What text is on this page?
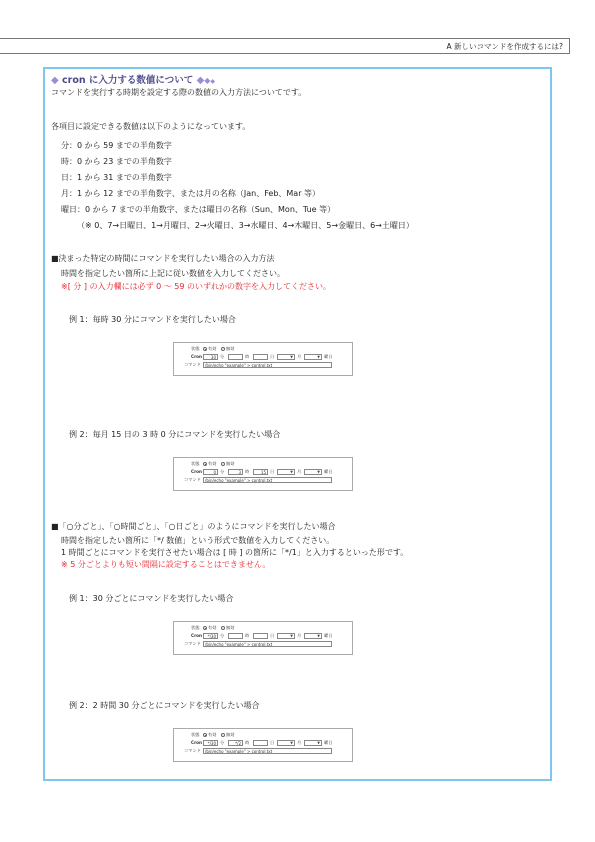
A 新しいコマンドを作成するには?
◆ cron に入力する数値について ◆◆◆
コマンドを実行する時期を設定する際の数値の入力方法についてです。
各項目に設定できる数値は以下のようになっています。
分：0 から 59 までの半角数字
時：0 から 23 までの半角数字
日：1 から 31 までの半角数字
月：1 から 12 までの半角数字、または月の名称（Jan、Feb、Mar 等）
曜日：0 から 7 までの半角数字、または曜日の名称（Sun、Mon、Tue 等）
（※ 0、7→日曜日、1→月曜日、2→火曜日、3→水曜日、4→木曜日、5→金曜日、6→土曜日）
■決まった特定の時間にコマンドを実行したい場合の入力方法
時間を指定したい箇所に上記に従い数値を入力してください。
※[ 分 ] の入力欄には必ず 0 ～ 59 のいずれかの数字を入力してください。
例 1：毎時 30 分にコマンドを実行したい場合
状態	有効	無効
Cron	30 分	時	日	▼ 月	▼ 曜日
コマンド	/bin/echo "example" > control.txt
例 2：毎月 15 日の 3 時 0 分にコマンドを実行したい場合
状態	有効	無効
Cron	0 分	3 時	15 日	▼ 月	▼ 曜日
コマンド	/bin/echo "example" > control.txt
■「○分ごと」、「○時間ごと」、「○日ごと」のようにコマンドを実行したい場合
時間を指定したい箇所に「*/ 数値」という形式で数値を入力してください。
1 時間ごとにコマンドを実行させたい場合は [ 時 ] の箇所に「*/1」と入力するといった形です。
※ 5 分ごとよりも短い間隔に設定することはできません。
例 1：30 分ごとにコマンドを実行したい場合
状態	有効	無効
Cron	*/30 分	時	日	▼ 月	▼ 曜日
コマンド	/bin/echo "example" > control.txt
例 2：2 時間 30 分ごとにコマンドを実行したい場合
状態	有効	無効
Cron	*/30 分	*/2 時	日	▼ 月	▼ 曜日
コマンド	/bin/echo "example" > control.txt
